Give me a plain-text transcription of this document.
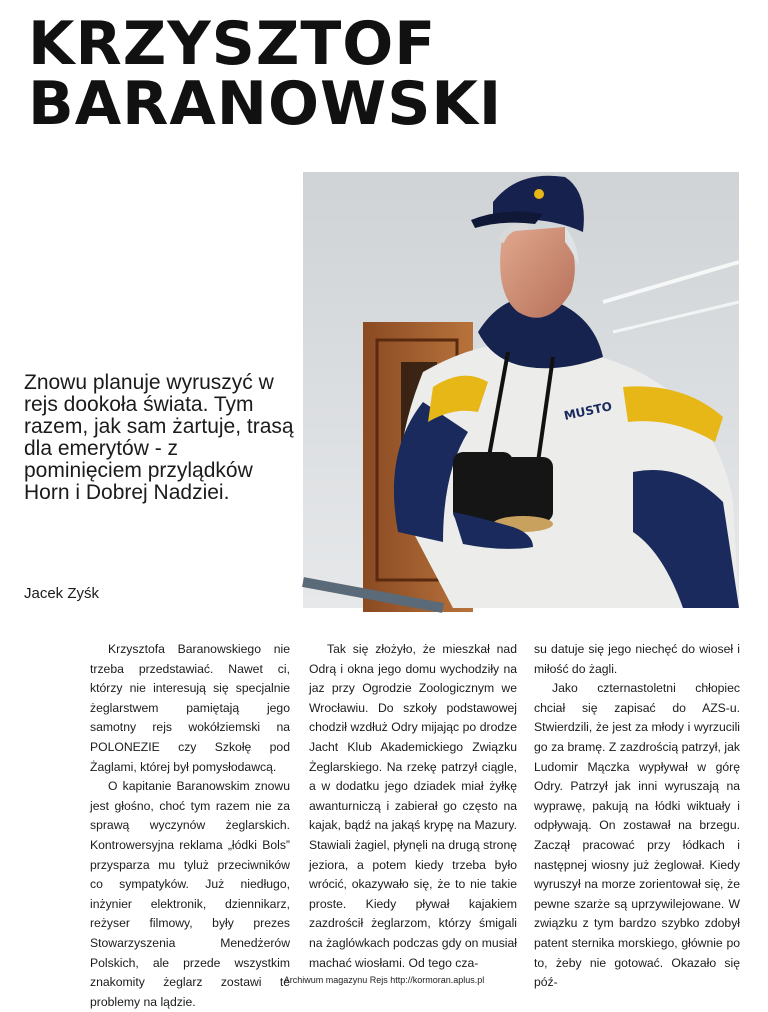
KRZYSZTOF
BARANOWSKI
MUSTO

Znowu planuje wyruszyć w rejs dookoła świata. Tym razem, jak sam żartuje, trasą dla emerytów - z pominięciem przylądków Horn i Dobrej Nadziei.

Jacek Zyśk

Krzysztofa Baranowskiego nie trzeba przedstawiać. Nawet ci, którzy nie interesują się specjalnie żeglarstwem pamiętają jego samotny rejs wokółziemski na POLONEZIE czy Szkołę pod Żaglami, której był pomysłodawcą.

O kapitanie Baranowskim znowu jest głośno, choć tym razem nie za sprawą wyczynów żeglarskich. Kontrowersyjna reklama „łódki Bols” przysparza mu tyluż przeciwników co sympatyków. Już niedługo, inżynier elektronik, dziennikarz, reżyser filmowy, były prezes Stowarzyszenia Menedżerów Polskich, ale przede wszystkim znakomity żeglarz zostawi te problemy na lądzie.

Tak się złożyło, że mieszkał nad Odrą i okna jego domu wychodziły na jaz przy Ogrodzie Zoologicznym we Wrocławiu. Do szkoły podstawowej chodził wzdłuż Odry mijając po drodze Jacht Klub Akademickiego Związku Żeglarskiego. Na rzekę patrzył ciągle, a w dodatku jego dziadek miał żyłkę awanturniczą i zabierał go często na kajak, bądź na jakąś krypę na Mazury. Stawiali żagiel, płynęli na drugą stronę jeziora, a potem kiedy trzeba było wrócić, okazywało się, że to nie takie proste. Kiedy pływał kajakiem zazdrościł żeglarzom, którzy śmigali na żaglówkach podczas gdy on musiał machać wiosłami. Od tego cza-

su datuje się jego niechęć do wioseł i miłość do żagli.

Jako czternastoletni chłopiec chciał się zapisać do AZS-u. Stwierdzili, że jest za młody i wyrzucili go za bramę. Z zazdrością patrzył, jak Ludomir Mączka wypływał w górę Odry. Patrzył jak inni wyruszają na wyprawę, pakują na łódki wiktuały i odpływają. On zostawał na brzegu. Zaczął pracować przy łódkach i następnej wiosny już żeglował. Kiedy wyruszył na morze zorientował się, że pewne szarże są uprzywilejowane. W związku z tym bardzo szybko zdobył patent sternika morskiego, głównie po to, żeby nie gotować. Okazało się póź-

Archiwum magazynu Rejs http://kormoran.aplus.pl
